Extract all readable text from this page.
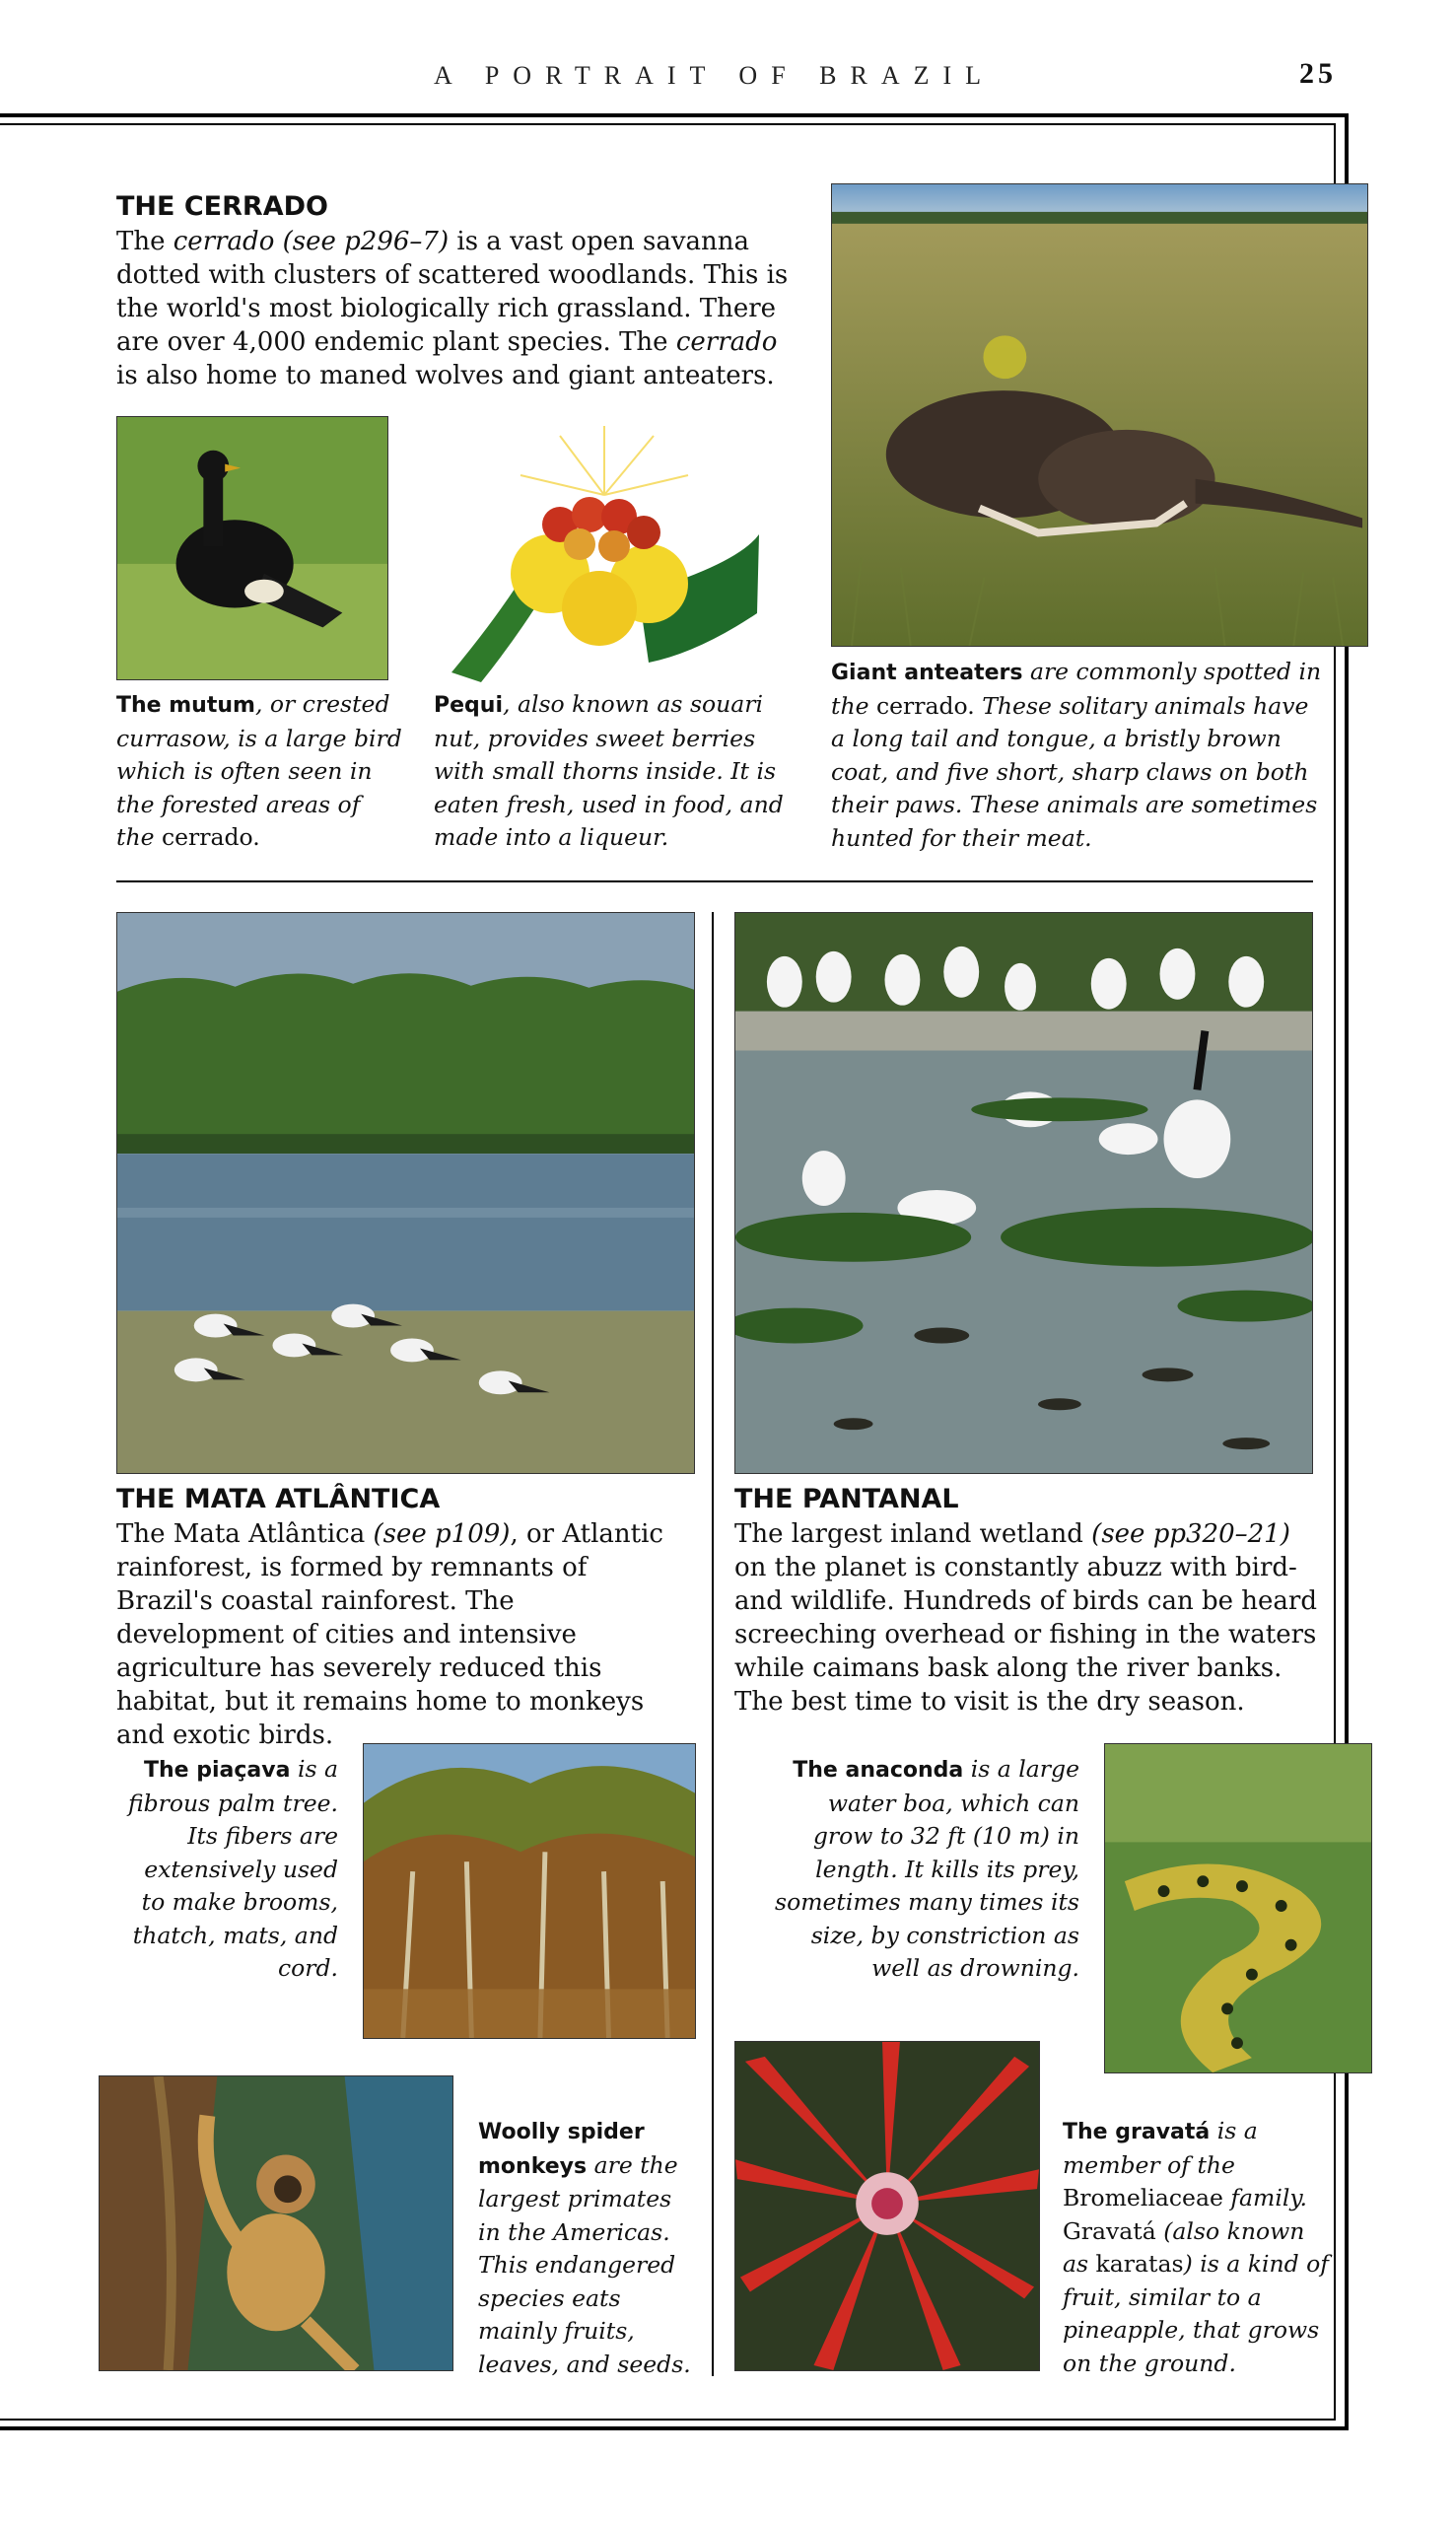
A PORTRAIT OF BRAZIL	25
THE CERRADO
The cerrado (see p296–7) is a vast open savanna dotted with clusters of scattered woodlands. This is the world's most biologically rich grassland. There are over 4,000 endemic plant species. The cerrado is also home to maned wolves and giant anteaters.
Giant anteaters are commonly spotted in the cerrado. These solitary animals have a long tail and tongue, a bristly brown coat, and five short, sharp claws on both their paws. These animals are sometimes hunted for their meat.
The mutum, or crested currasow, is a large bird which is often seen in the forested areas of the cerrado.
Pequi, also known as souari nut, provides sweet berries with small thorns inside. It is eaten fresh, used in food, and made into a liqueur.
THE MATA ATLÂNTICA
The Mata Atlântica (see p109), or Atlantic rainforest, is formed by remnants of Brazil's coastal rainforest. The development of cities and intensive agriculture has severely reduced this habitat, but it remains home to monkeys and exotic birds.
The piaçava is a fibrous palm tree. Its fibers are extensively used to make brooms, thatch, mats, and cord.
Woolly spider monkeys are the largest primates in the Americas. This endangered species eats mainly fruits, leaves, and seeds.
THE PANTANAL
The largest inland wetland (see pp320–21) on the planet is constantly abuzz with bird- and wildlife. Hundreds of birds can be heard screeching overhead or fishing in the waters while caimans bask along the river banks. The best time to visit is the dry season.
The anaconda is a large water boa, which can grow to 32 ft (10 m) in length. It kills its prey, sometimes many times its size, by constriction as well as drowning.
The gravatá is a member of the Bromeliaceae family. Gravatá (also known as karatas) is a kind of fruit, similar to a pineapple, that grows on the ground.
